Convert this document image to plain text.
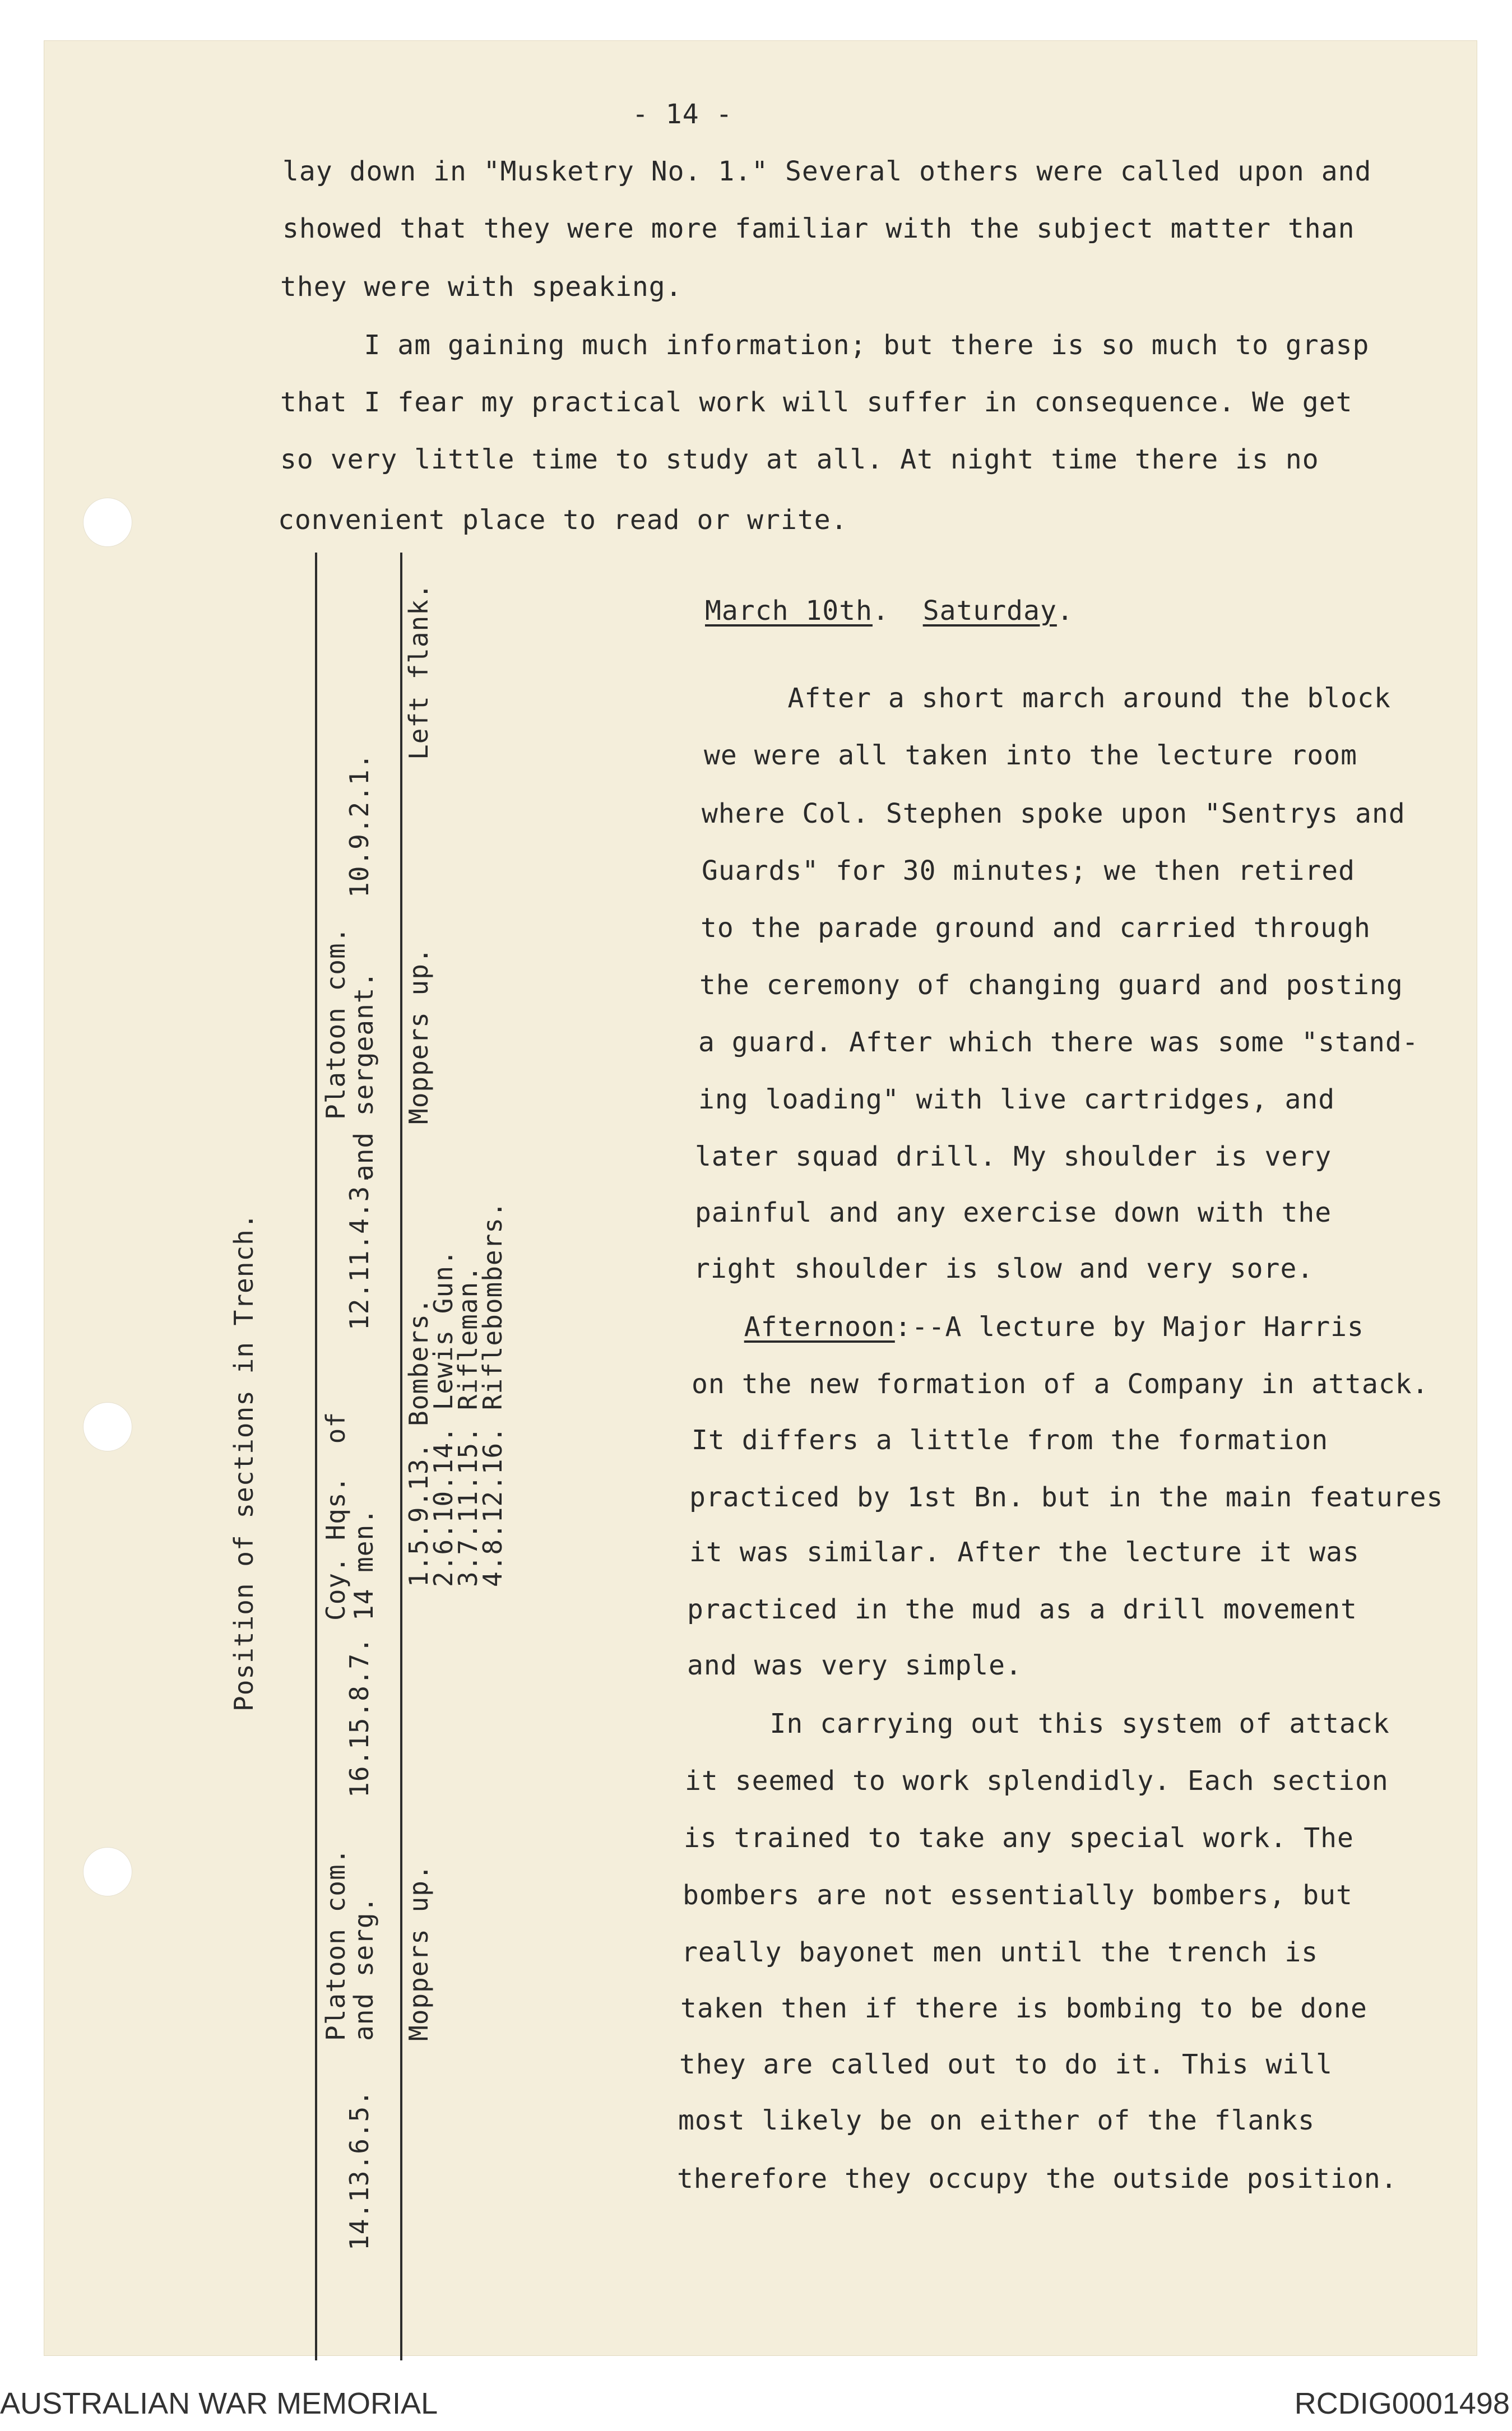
- 14 -
lay down in "Musketry No. 1." Several others were called upon and
showed that they were more familiar with the subject matter than
they were with speaking.
I am gaining much information; but there is so much to grasp
that I fear my practical work will suffer in consequence. We get
so very little time to study at all. At night time there is no
convenient place to read or write.
March 10th.  Saturday.
After a short march around the block
we were all taken into the lecture room
where Col. Stephen spoke upon "Sentrys and
Guards" for 30 minutes; we then retired
to the parade ground and carried through
the ceremony of changing guard and posting
a guard. After which there was some "stand-
ing loading" with live cartridges, and
later squad drill. My shoulder is very
painful and any exercise down with the
right shoulder is slow and very sore.
Afternoon:--A lecture by Major Harris
on the new formation of a Company in attack.
It differs a little from the formation
practiced by 1st Bn. but in the main features
it was similar. After the lecture it was
practiced in the mud as a drill movement
and was very simple.
In carrying out this system of attack
it seemed to work splendidly. Each section
is trained to take any special work. The
bombers are not essentially bombers, but
really bayonet men until the trench is
taken then if there is bombing to be done
they are called out to do it. This will
most likely be on either of the flanks
therefore they occupy the outside position.
Position of sections in Trench.
14.13.6.5.
16.15.8.7.
12.11.4.3.
10.9.2.1.
Platoon com.
Coy. Hqs.  of
Platoon com.
and serg.
14 men.
and sergeant.
Moppers up.
1.5.9.13. Bombers.
Moppers up.
Left flank.
2.6.10.14. Lewis Gun.
3.7.11.15. Rifleman.
4.8.12.16. Riflebombers.
AUSTRALIAN WAR MEMORIAL	RCDIG0001498
